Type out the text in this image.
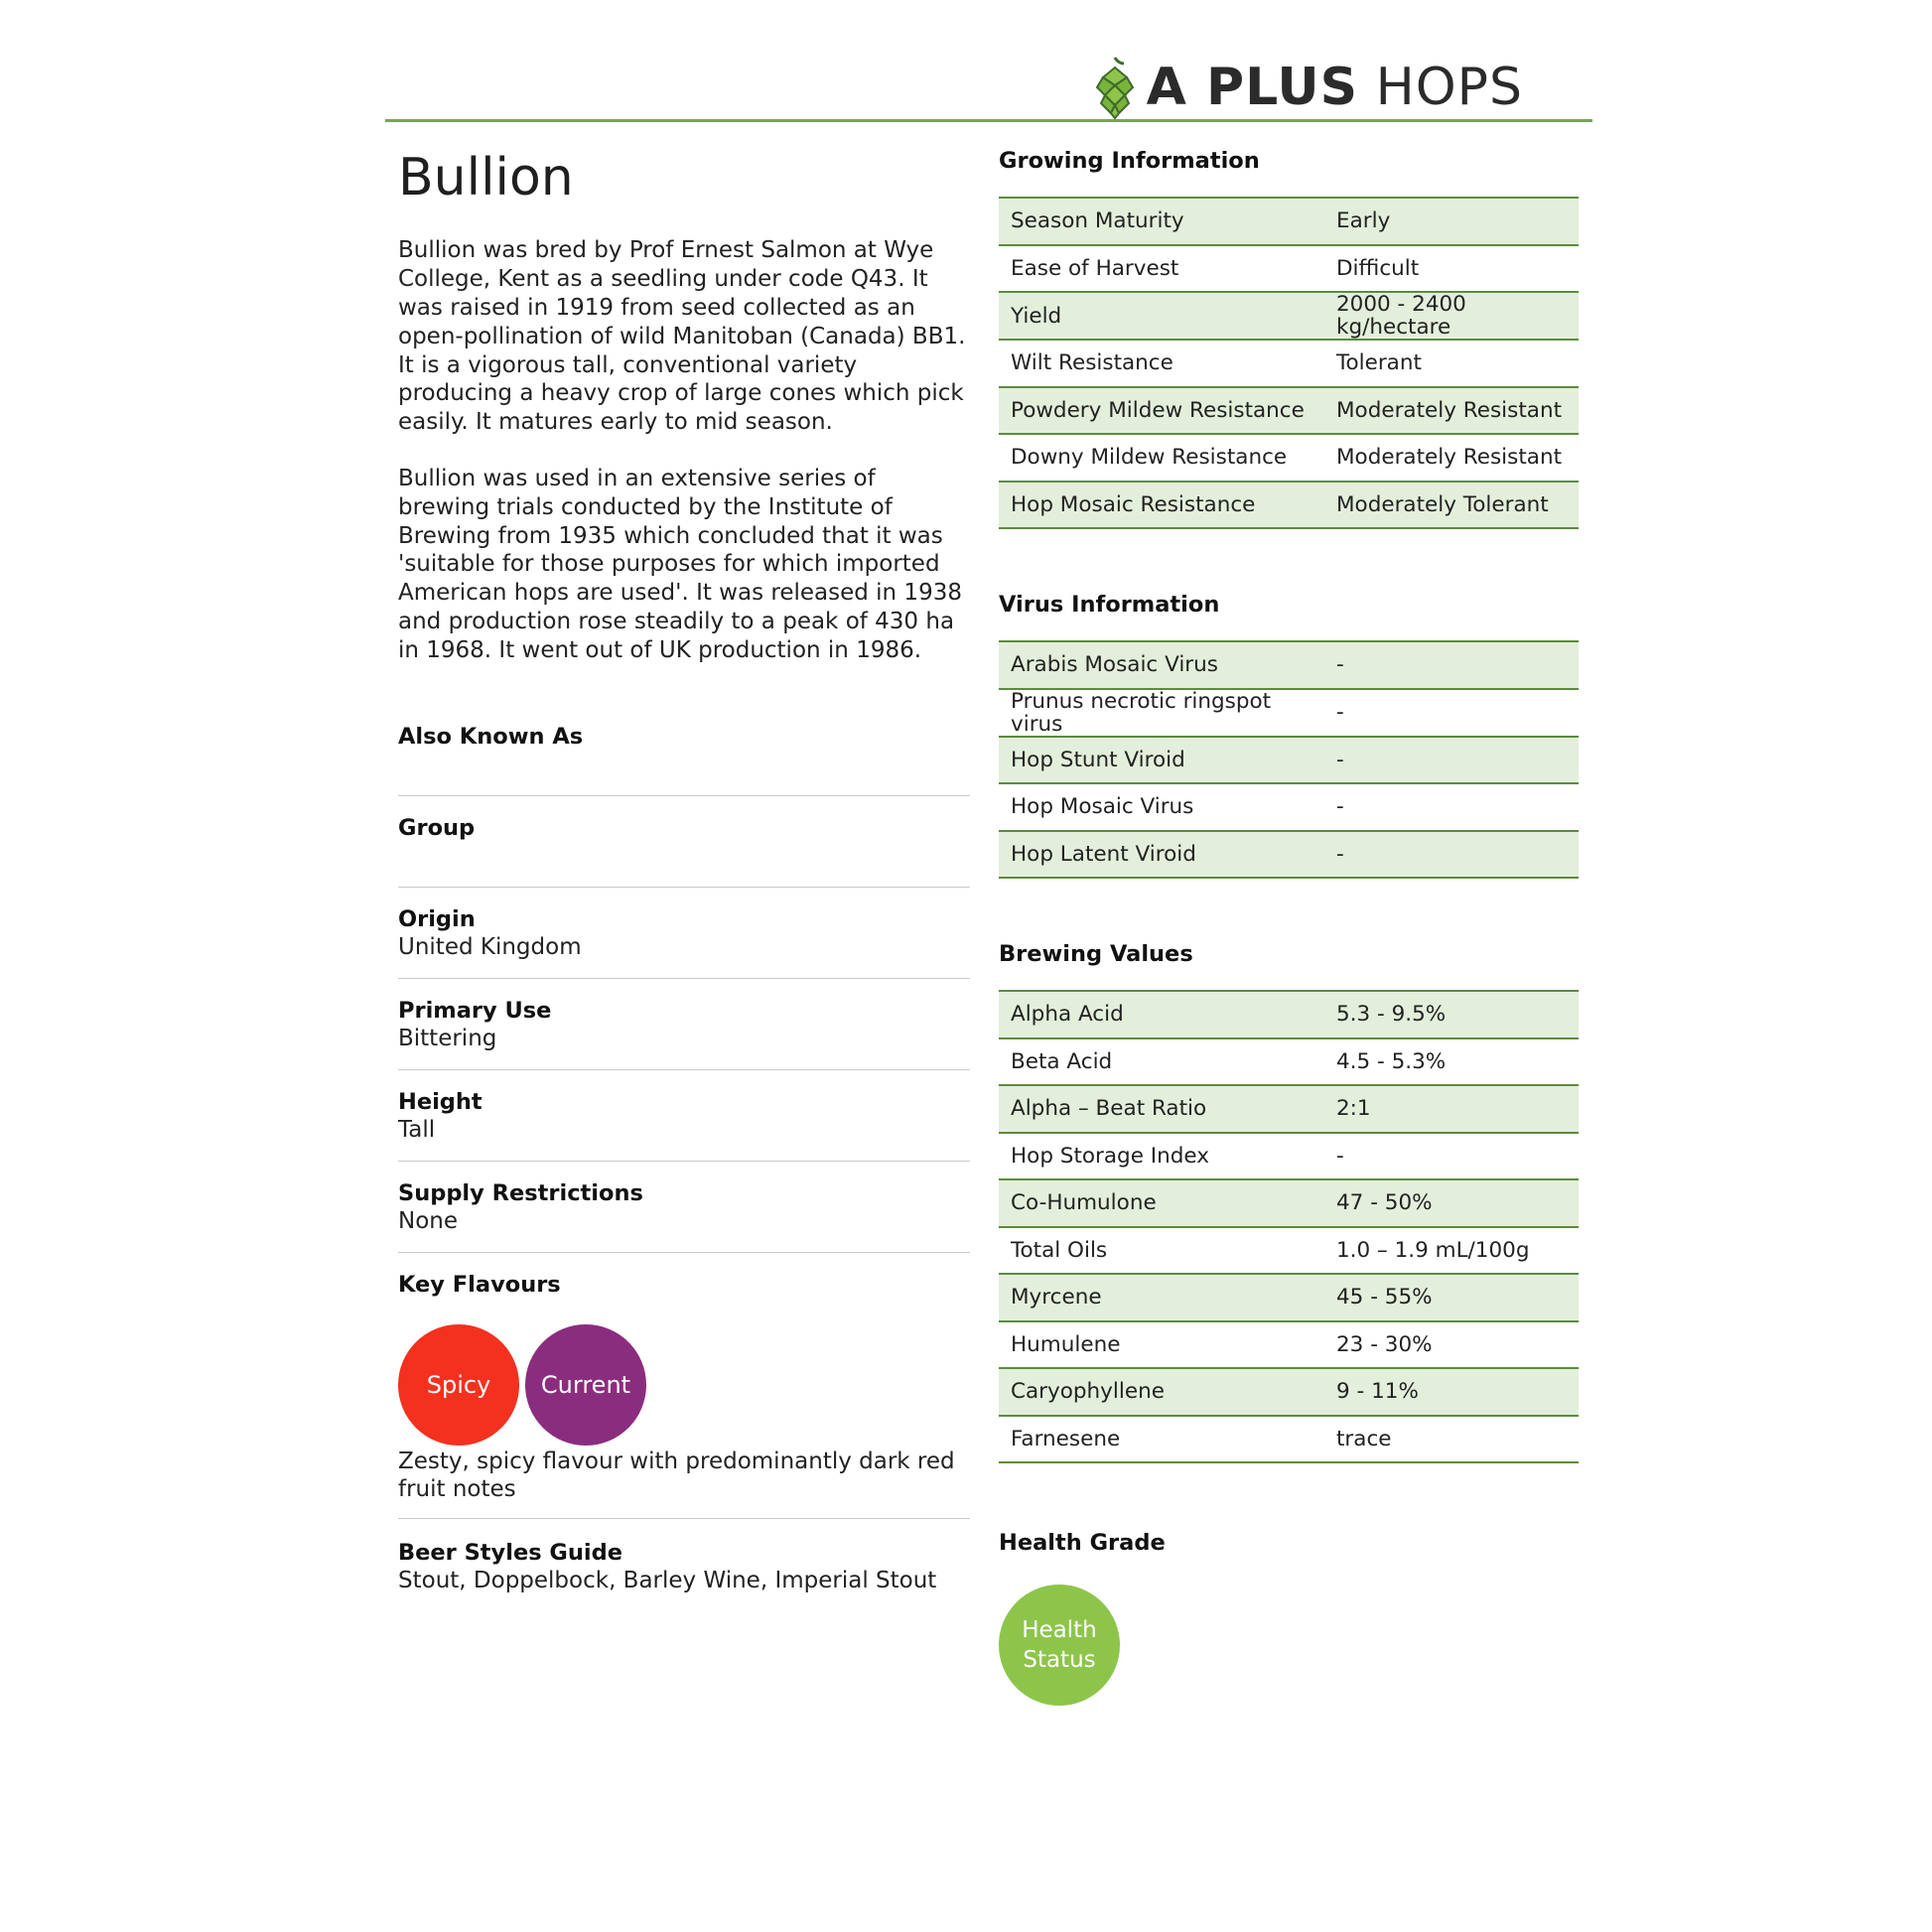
A PLUS HOPS
Bullion

Bullion was bred by Prof Ernest Salmon at Wye College, Kent as a seedling under code Q43. It was raised in 1919 from seed collected as an open-pollination of wild Manitoban (Canada) BB1. It is a vigorous tall, conventional variety producing a heavy crop of large cones which pick easily. It matures early to mid season.

Bullion was used in an extensive series of brewing trials conducted by the Institute of Brewing from 1935 which concluded that it was 'suitable for those purposes for which imported American hops are used'. It was released in 1938 and production rose steadily to a peak of 430 ha in 1968. It went out of UK production in 1986.

Also Known As
Group
Origin
United Kingdom
Primary Use
Bittering
Height
Tall
Supply Restrictions
None
Key Flavours
Spicy	Current
Zesty, spicy flavour with predominantly dark red fruit notes
Beer Styles Guide
Stout, Doppelbock, Barley Wine, Imperial Stout
Growing Information
Season Maturity	Early
Ease of Harvest	Difficult
Yield	2000 - 2400 kg/hectare
Wilt Resistance	Tolerant
Powdery Mildew Resistance	Moderately Resistant
Downy Mildew Resistance	Moderately Resistant
Hop Mosaic Resistance	Moderately Tolerant
Virus Information
Arabis Mosaic Virus	-
Prunus necrotic ringspot virus	-
Hop Stunt Viroid	-
Hop Mosaic Virus	-
Hop Latent Viroid	-
Brewing Values
Alpha Acid	5.3 - 9.5%
Beta Acid	4.5 - 5.3%
Alpha – Beat Ratio	2:1
Hop Storage Index	-
Co-Humulone	47 - 50%
Total Oils	1.0 – 1.9 mL/100g
Myrcene	45 - 55%
Humulene	23 - 30%
Caryophyllene	9 - 11%
Farnesene	trace
Health Grade
Health Status
